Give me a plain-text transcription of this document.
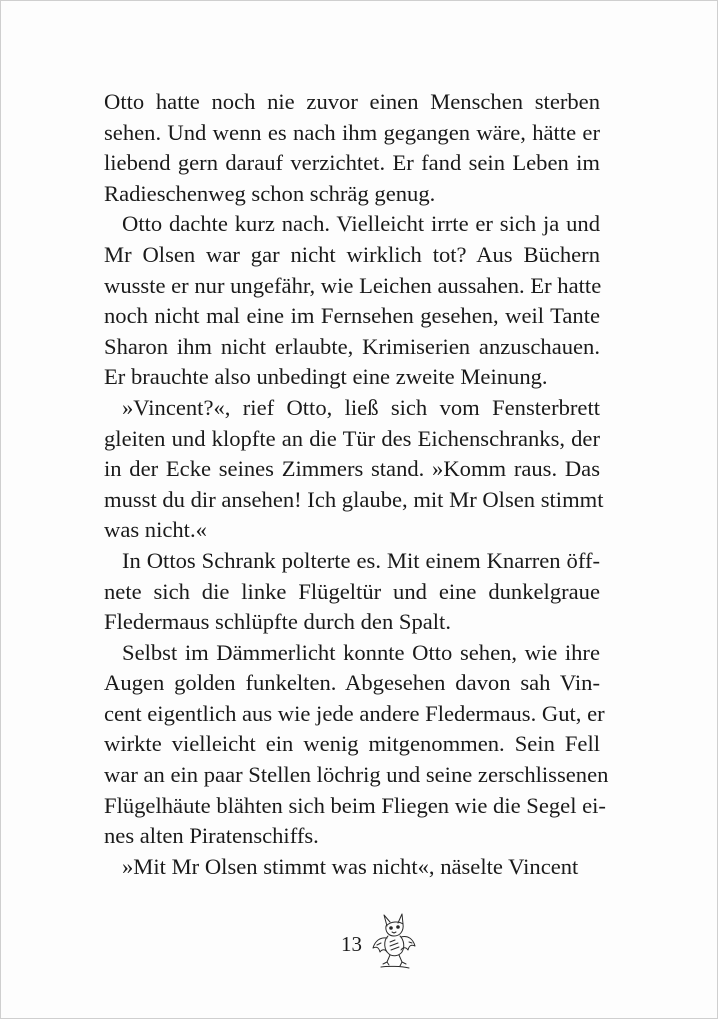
Otto hatte noch nie zuvor einen Menschen sterben
sehen. Und wenn es nach ihm gegangen wäre, hätte er
liebend gern darauf verzichtet. Er fand sein Leben im
Radieschenweg schon schräg genug.
Otto dachte kurz nach. Vielleicht irrte er sich ja und
Mr Olsen war gar nicht wirklich tot? Aus Büchern
wusste er nur ungefähr, wie Leichen aussahen. Er hatte
noch nicht mal eine im Fernsehen gesehen, weil Tante
Sharon ihm nicht erlaubte, Krimiserien anzuschauen.
Er brauchte also unbedingt eine zweite Meinung.
»Vincent?«, rief Otto, ließ sich vom Fensterbrett
gleiten und klopfte an die Tür des Eichenschranks, der
in der Ecke seines Zimmers stand. »Komm raus. Das
musst du dir ansehen! Ich glaube, mit Mr Olsen stimmt
was nicht.«
In Ottos Schrank polterte es. Mit einem Knarren öff-
nete sich die linke Flügeltür und eine dunkelgraue
Fledermaus schlüpfte durch den Spalt.
Selbst im Dämmerlicht konnte Otto sehen, wie ihre
Augen golden funkelten. Abgesehen davon sah Vin-
cent eigentlich aus wie jede andere Fledermaus. Gut, er
wirkte vielleicht ein wenig mitgenommen. Sein Fell
war an ein paar Stellen löchrig und seine zerschlissenen
Flügelhäute blähten sich beim Fliegen wie die Segel ei-
nes alten Piratenschiffs.
»Mit Mr Olsen stimmt was nicht«, näselte Vincent
13
